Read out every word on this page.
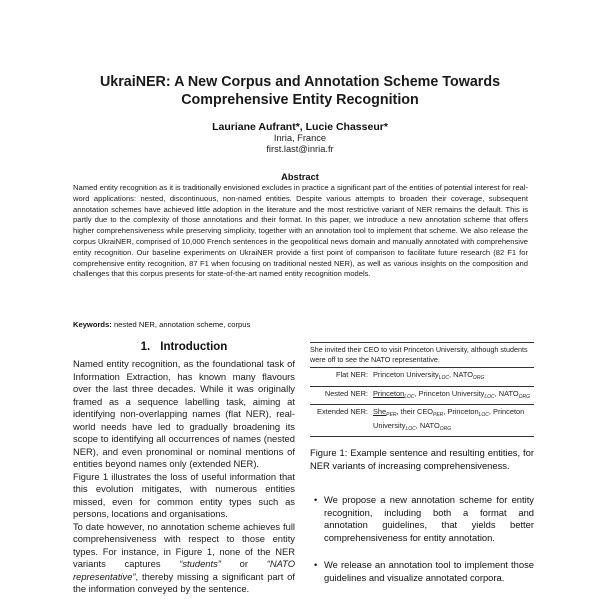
UkraiNER: A New Corpus and Annotation Scheme Towards Comprehensive Entity Recognition
Lauriane Aufrant*, Lucie Chasseur*
Inria, France
first.last@inria.fr
Abstract
Named entity recognition as it is traditionally envisioned excludes in practice a significant part of the entities of potential interest for real-word applications: nested, discontinuous, non-named entities. Despite various attempts to broaden their coverage, subsequent annotation schemes have achieved little adoption in the literature and the most restrictive variant of NER remains the default. This is partly due to the complexity of those annotations and their format. In this paper, we introduce a new annotation scheme that offers higher comprehensiveness while preserving simplicity, together with an annotation tool to implement that scheme. We also release the corpus UkraiNER, comprised of 10,000 French sentences in the geopolitical news domain and manually annotated with comprehensive entity recognition. Our baseline experiments on UkraiNER provide a first point of comparison to facilitate future research (82 F1 for comprehensive entity recognition, 87 F1 when focusing on traditional nested NER), as well as various insights on the composition and challenges that this corpus presents for state-of-the-art named entity recognition models.
Keywords: nested NER, annotation scheme, corpus
1. Introduction

Named entity recognition, as the foundational task of Information Extraction, has known many flavours over the last three decades. While it was originally framed as a sequence labelling task, aiming at identifying non-overlapping names (flat NER), real-world needs have led to gradually broadening its scope to identifying all occurrences of names (nested NER), and even pronominal or nominal mentions of entities beyond names only (extended NER).

Figure 1 illustrates the loss of useful information that this evolution mitigates, with numerous entities missed, even for common entity types such as persons, locations and organisations.

To date however, no annotation scheme achieves full comprehensiveness with respect to those entity types. For instance, in Figure 1, none of the NER variants captures “students” or “NATO representative”, thereby missing a significant part of the information conveyed by the sentence.

She invited their CEO to visit Princeton University, although students were off to see the NATO representative.
Flat NER: Princeton University$_{LOC}$, $NATO_{ORG}$
Nested NER: Princeton$_{LOC}$, Princeton University$_{LOC}$, $NATO_{ORG}$
Extended NER: She$_{PER}$, their $CEO_{PER}$, Princeton$_{LOC}$, Princeton University$_{LOC}$, $NATO_{ORG}$
Figure 1: Example sentence and resulting entities, for NER variants of increasing comprehensiveness.
• We propose a new annotation scheme for entity recognition, including both a format and annotation guidelines, that yields better comprehensiveness for entity annotation.
• We release an annotation tool to implement those guidelines and visualize annotated corpora.
